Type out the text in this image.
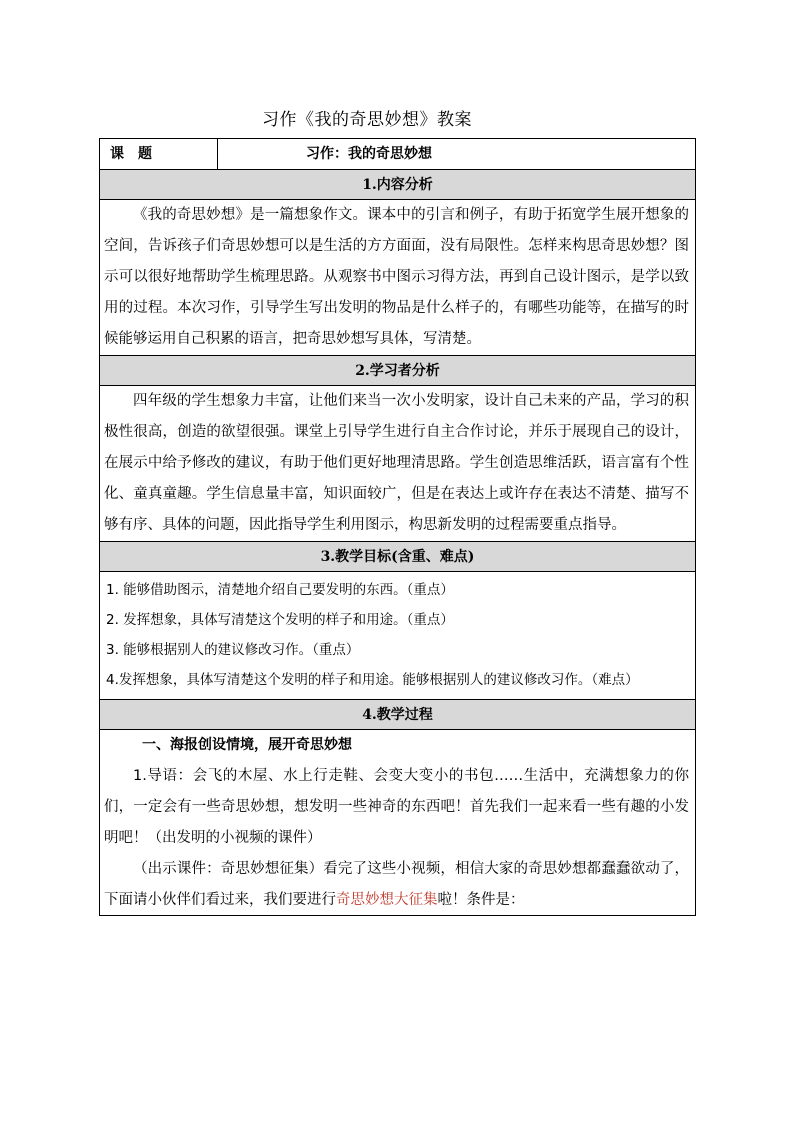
习作《我的奇思妙想》教案
课　题	习作：我的奇思妙想
1.内容分析
《我的奇思妙想》是一篇想象作文。课本中的引言和例子，有助于拓宽学生展开想象的空间，告诉孩子们奇思妙想可以是生活的方方面面，没有局限性。怎样来构思奇思妙想？图示可以很好地帮助学生梳理思路。从观察书中图示习得方法，再到自己设计图示，是学以致用的过程。本次习作，引导学生写出发明的物品是什么样子的，有哪些功能等，在描写的时候能够运用自己积累的语言，把奇思妙想写具体，写清楚。
2.学习者分析
四年级的学生想象力丰富，让他们来当一次小发明家，设计自己未来的产品，学习的积极性很高，创造的欲望很强。课堂上引导学生进行自主合作讨论，并乐于展现自己的设计，在展示中给予修改的建议，有助于他们更好地理清思路。学生创造思维活跃，语言富有个性化、童真童趣。学生信息量丰富，知识面较广，但是在表达上或许存在表达不清楚、描写不够有序、具体的问题，因此指导学生利用图示，构思新发明的过程需要重点指导。
3.教学目标(含重、难点)

1. 能够借助图示，清楚地介绍自己要发明的东西。（重点）

2. 发挥想象，具体写清楚这个发明的样子和用途。（重点）

3. 能够根据别人的建议修改习作。（重点）

4.发挥想象，具体写清楚这个发明的样子和用途。能够根据别人的建议修改习作。（难点）

4.教学过程
一、海报创设情境，展开奇思妙想

1.导语：会飞的木屋、水上行走鞋、会变大变小的书包……生活中，充满想象力的你们，一定会有一些奇思妙想，想发明一些神奇的东西吧！首先我们一起来看一些有趣的小发明吧！（出发明的小视频的课件）

（出示课件：奇思妙想征集）看完了这些小视频，相信大家的奇思妙想都蠢蠢欲动了，下面请小伙伴们看过来，我们要进行奇思妙想大征集啦！条件是：
